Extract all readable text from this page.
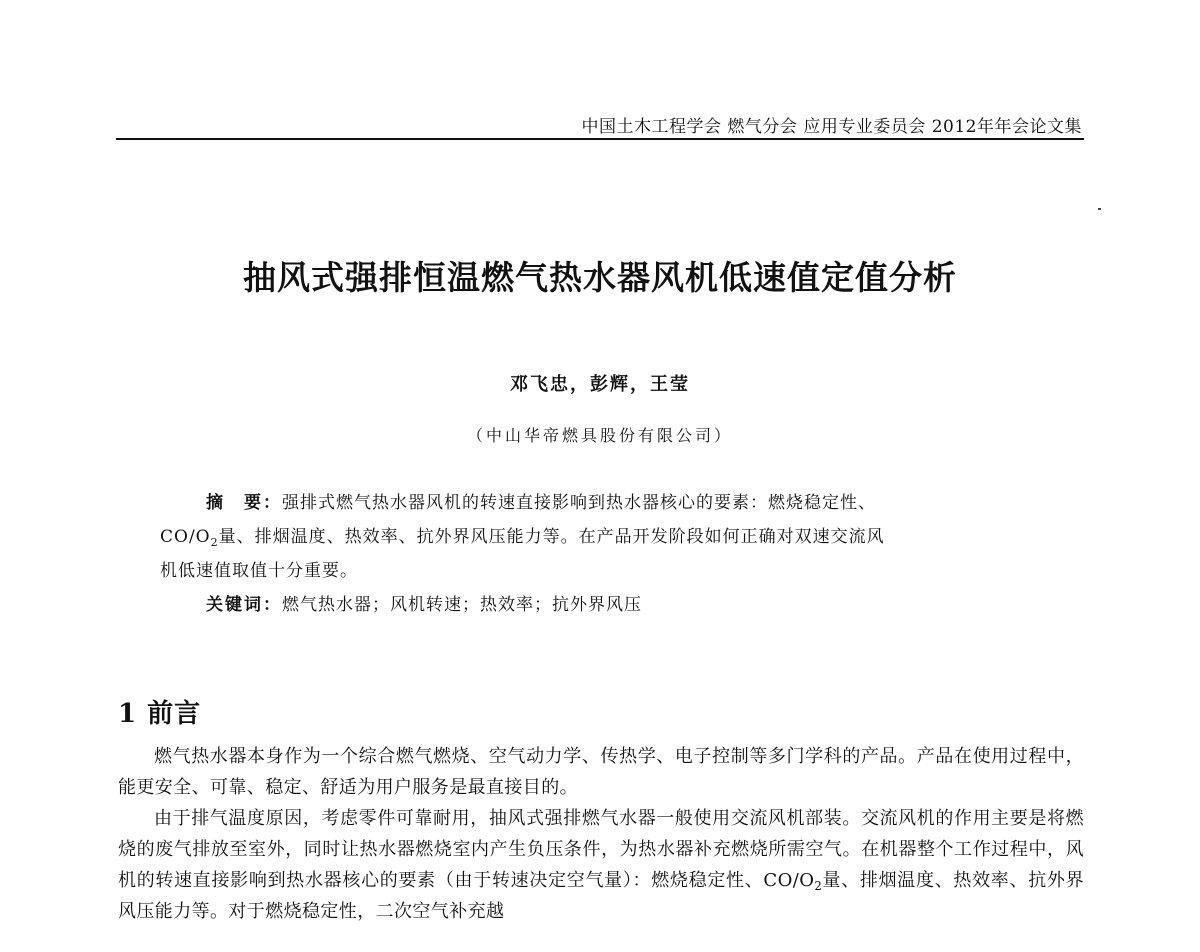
中国土木工程学会 燃气分会 应用专业委员会 2012年年会论文集
抽风式强排恒温燃气热水器风机低速值定值分析
邓飞忠，彭辉，王莹
（中山华帝燃具股份有限公司）

摘　要：强排式燃气热水器风机的转速直接影响到热水器核心的要素：燃烧稳定性、

$CO/O_2$量、排烟温度、热效率、抗外界风压能力等。在产品开发阶段如何正确对双速交流风

机低速值取值十分重要。

关键词：燃气热水器；风机转速；热效率；抗外界风压

1 前言

燃气热水器本身作为一个综合燃气燃烧、空气动力学、传热学、电子控制等多门学科的产品。产品在使用过程中，能更安全、可靠、稳定、舒适为用户服务是最直接目的。

由于排气温度原因，考虑零件可靠耐用，抽风式强排燃气水器一般使用交流风机部装。交流风机的作用主要是将燃烧的废气排放至室外，同时让热水器燃烧室内产生负压条件，为热水器补充燃烧所需空气。在机器整个工作过程中，风机的转速直接影响到热水器核心的要素（由于转速决定空气量）：燃烧稳定性、$CO/O_2$量、排烟温度、热效率、抗外界风压能力等。对于燃烧稳定性，二次空气补充越
